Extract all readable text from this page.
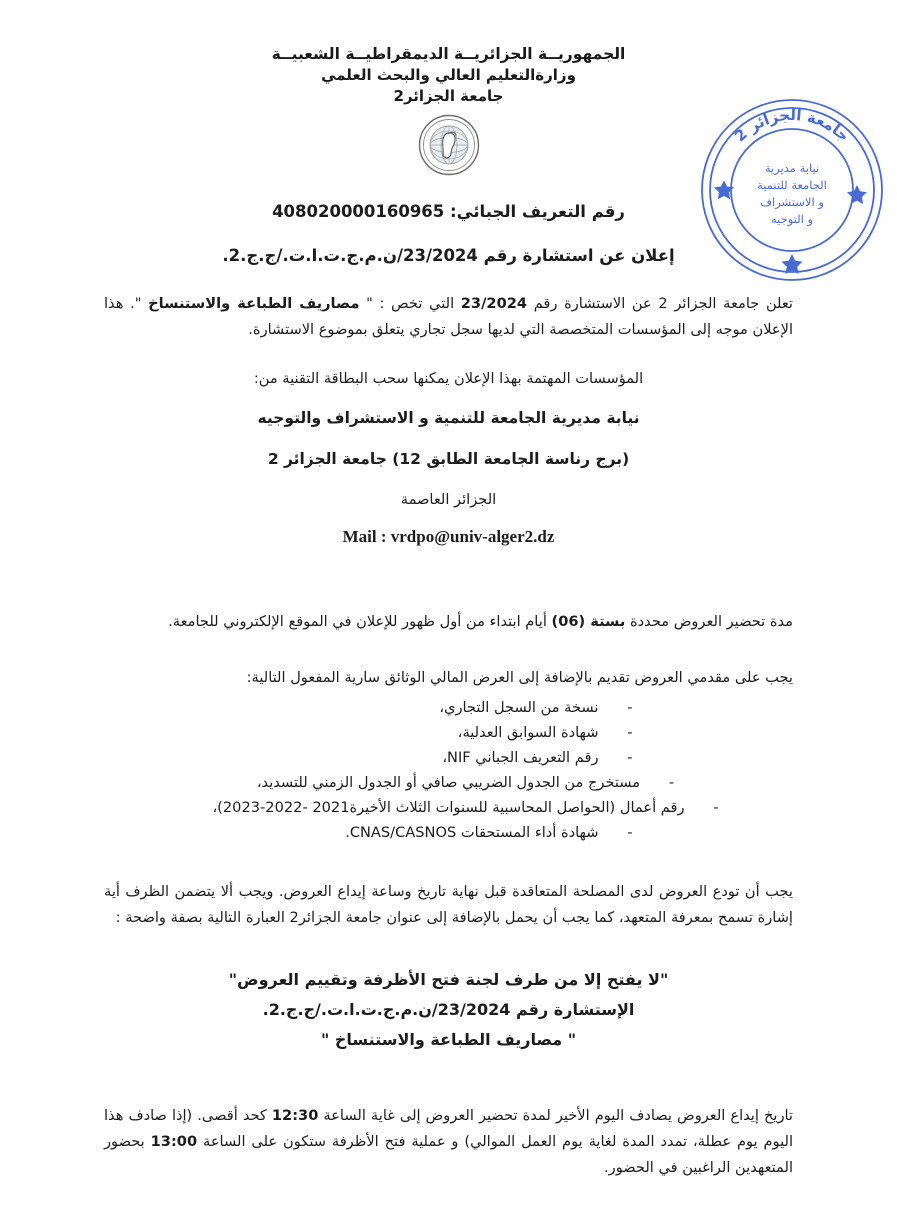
الجمهوريــة الجزائريــة الديمقراطيــة الشعبيــة
وزارةالتعليم العالي والبحث العلمي
جامعة الجزائر2
جامعة الجزائر 2
نيابة مديرية
الجامعة للتنمية
و الاستشراف
و التوجيه
رقم التعريف الجبائي: 408020000160965
إعلان عن استشارة رقم 23/2024/ن.م.ج.ت.ا.ت./ج.ج.2.

تعلن جامعة الجزائر 2 عن الاستشارة رقم 23/2024 التي تخص : " مصاريف الطباعة والاستنساخ ". هذا الإعلان موجه إلى المؤسسات المتخصصة التي لديها سجل تجاري يتعلق بموضوع الاستشارة.

المؤسسات المهتمة بهذا الإعلان يمكنها سحب البطاقة التقنية من:

نيابة مديرية الجامعة للتنمية و الاستشراف والتوجيه

(برج رناسة الجامعة الطابق 12) جامعة الجزائر 2

الجزائر العاصمة

Mail : vrdpo@univ-alger2.dz

مدة تحضير العروض محددة بستة (06) أيام ابتداء من أول ظهور للإعلان في الموقع الإلكتروني للجامعة.

يجب على مقدمي العروض تقديم بالإضافة إلى العرض المالي الوثائق سارية المفعول التالية:

-
نسخة من السجل التجاري،
-
شهادة السوابق العدلية،
-
رقم التعريف الجباني NIF،
-
مستخرج من الجدول الضريبي صافي أو الجدول الزمني للتسديد،
-
رقم أعمال (الحواصل المحاسبية للسنوات الثلاث الأخيرة2021 -2022-2023)،
-
شهادة أداء المستحقات CNAS/CASNOS.

يجب أن تودع العروض لدى المصلحة المتعاقدة قبل نهاية تاريخ وساعة إيداع العروض. ويجب ألا يتضمن الظرف أية إشارة تسمح بمعرفة المتعهد، كما يجب أن يحمل بالإضافة إلى عنوان جامعة الجزائر2 العبارة التالية بصفة واضحة :

"لا يفتح إلا من طرف لجنة فتح الأظرفة وتقييم العروض"
الإستشارة رقم 23/2024/ن.م.ج.ت.ا.ت./ج.ج.2.
" مصاريف الطباعة والاستنساخ "

تاريخ إيداع العروض يصادف اليوم الأخير لمدة تحضير العروض إلى غاية الساعة 12:30 كحد أقصى. (إذا صادف هذا اليوم يوم عطلة، تمدد المدة لغاية يوم العمل الموالي) و عملية فتح الأظرفة ستكون على الساعة 13:00 بحضور المتعهدين الراغبين في الحضور.
